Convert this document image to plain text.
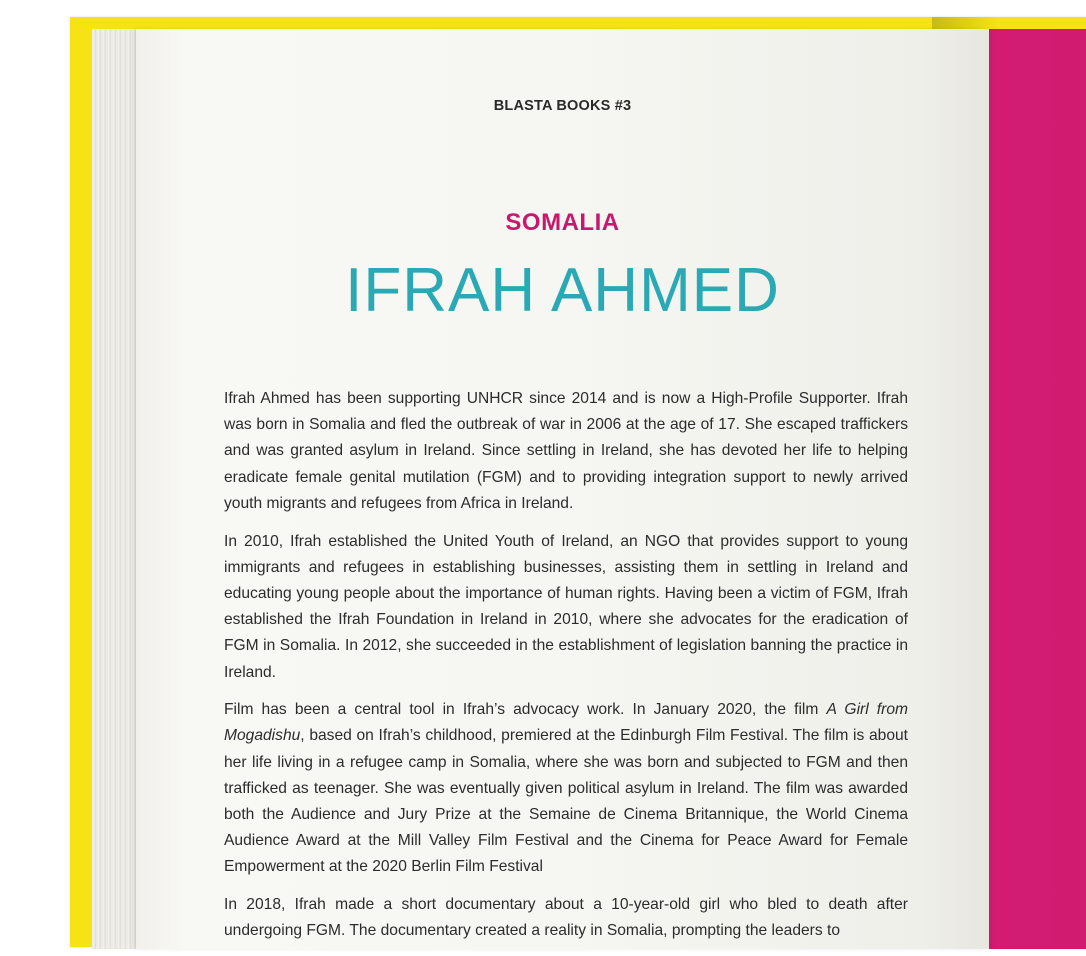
BLASTA BOOKS #3
SOMALIA
IFRAH AHMED

Ifrah Ahmed has been supporting UNHCR since 2014 and is now a High-Profile Supporter. Ifrah was born in Somalia and fled the outbreak of war in 2006 at the age of 17. She escaped traffickers and was granted asylum in Ireland. Since settling in Ireland, she has devoted her life to helping eradicate female genital mutilation (FGM) and to providing integration support to newly arrived youth migrants and refugees from Africa in Ireland.

In 2010, Ifrah established the United Youth of Ireland, an NGO that provides support to young immigrants and refugees in establishing businesses, assisting them in settling in Ireland and educating young people about the importance of human rights. Having been a victim of FGM, Ifrah established the Ifrah Foundation in Ireland in 2010, where she advocates for the eradication of FGM in Somalia. In 2012, she succeeded in the establishment of legislation banning the practice in Ireland.

Film has been a central tool in Ifrah’s advocacy work. In January 2020, the film A Girl from Mogadishu, based on Ifrah’s childhood, premiered at the Edinburgh Film Festival. The film is about her life living in a refugee camp in Somalia, where she was born and subjected to FGM and then trafficked as teenager. She was eventually given political asylum in Ireland. The film was awarded both the Audience and Jury Prize at the Semaine de Cinema Britannique, the World Cinema Audience Award at the Mill Valley Film Festival and the Cinema for Peace Award for Female Empowerment at the 2020 Berlin Film Festival

In 2018, Ifrah made a short documentary about a 10-year-old girl who bled to death after undergoing FGM. The documentary created a reality in Somalia, prompting the leaders to
